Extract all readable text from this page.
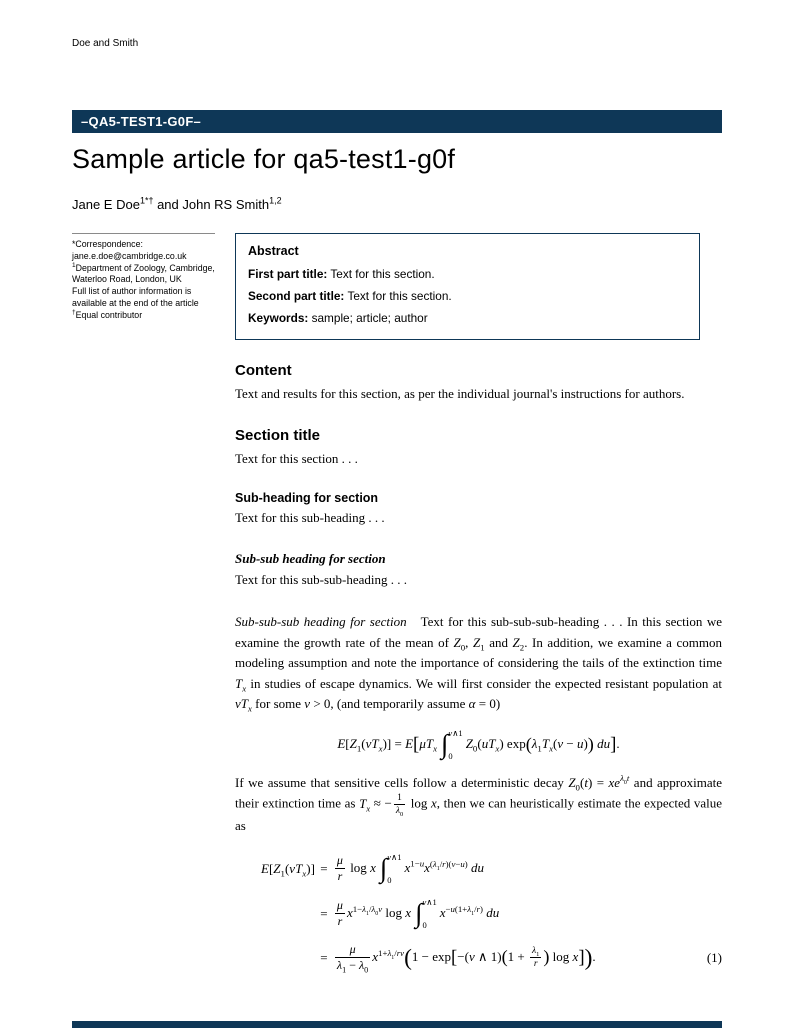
Doe and Smith
–QA5-TEST1-G0F–
Sample article for qa5-test1-g0f
Jane E Doe$^{1*\dagger}$ and John RS Smith$^{1,2}$
*Correspondence:
jane.e.doe@cambridge.co.uk
$^1$Department of Zoology, Cambridge, Waterloo Road, London, UK
Full list of author information is available at the end of the article
†Equal contributor
Abstract
First part title: Text for this section.
Second part title: Text for this section.
Keywords: sample; article; author
Content

Text and results for this section, as per the individual journal's instructions for authors.

Section title

Text for this section . . .

Sub-heading for section

Text for this sub-heading . . .

Sub-sub heading for section

Text for this sub-sub-heading . . .

Sub-sub-sub heading for section Text for this sub-sub-sub-heading . . . In this section we examine the growth rate of the mean of $Z_0$, $Z_1$ and $Z_2$. In addition, we examine a common modeling assumption and note the importance of considering the tails of the extinction time $T_x$ in studies of escape dynamics. We will first consider the expected resistant population at $vT_x$ for some v > 0, (and temporarily assume α = 0)

$E[Z_1(vT_x)] = E[\mu T_x$ ∫ v∧1
0
$Z_0(uT_x) \exp(\lambda_1T_x(v - u))$ du].

If we assume that sensitive cells follow a deterministic decay $Z_0(t) = xe^{\lambda_0t}$ and approximate their extinction time as $T_x$ ≈ − $\frac{1}{\lambda_0}$ log x, then we can heuristically estimate the expected value as

$E[Z_1(vT_x)] = \frac{\mu}{r}$ log x ∫ v∧1
0
$x^{1-u}x^{(\lambda_1/r)(v-u)}$ du
= $\frac{\mu}{r} x^{1-\lambda_1/\lambda_0v}$ log x ∫ v∧1
0
$x^{-u(1+\lambda_1/r)}$ du
= $\frac{\mu}{\lambda_1 - \lambda_0} x^{1+\lambda_1/rv}(1 - \exp[-(v$ ∧ $1)(1 + \frac{\lambda_1}{r}$ ) log x]).	(1)
